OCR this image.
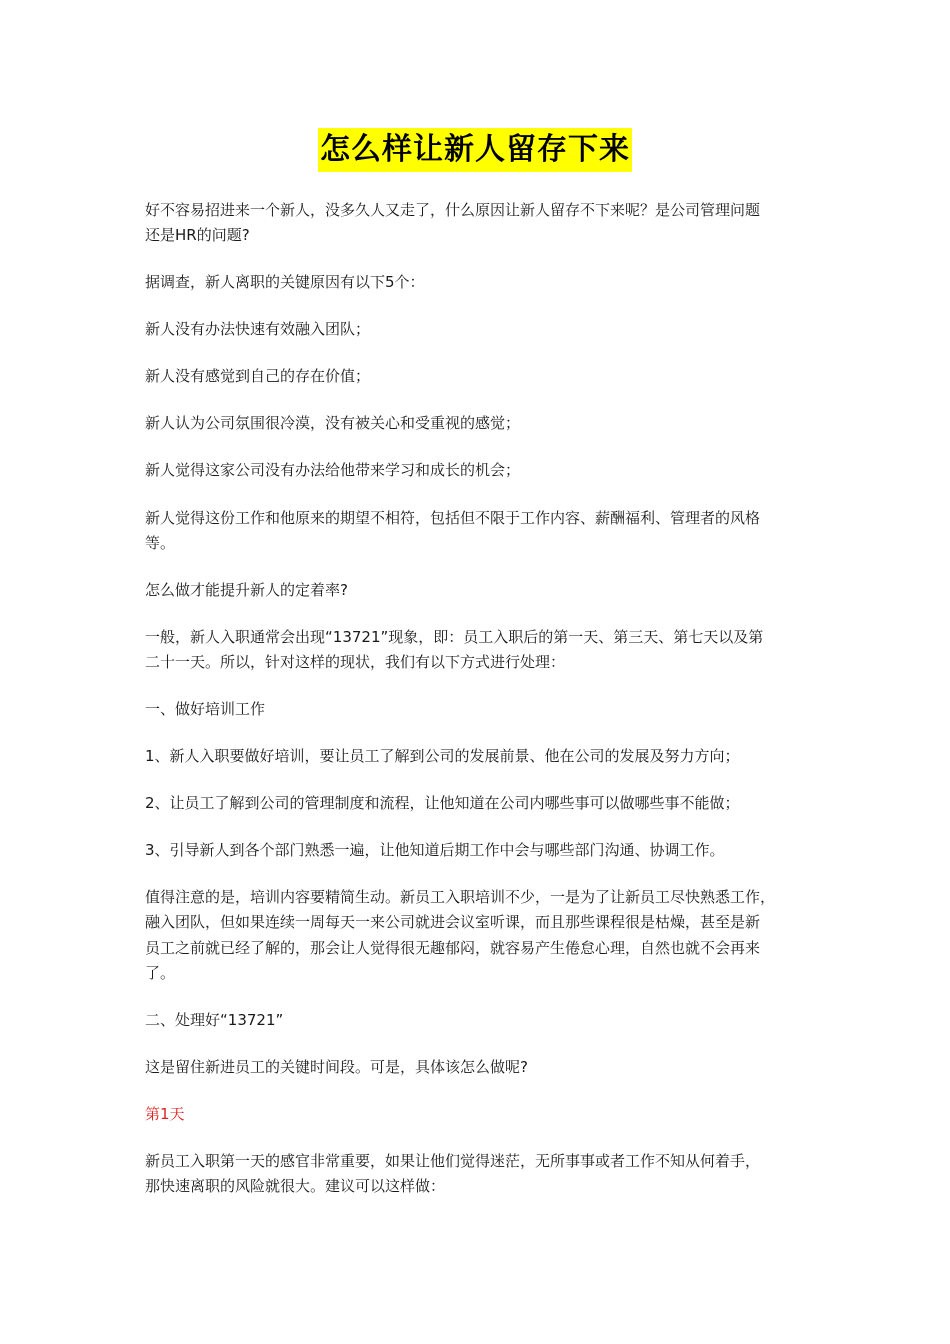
怎么样让新人留存下来

好不容易招进来一个新人，没多久人又走了，什么原因让新人留存不下来呢？是公司管理问题

还是HR的问题?

据调查，新人离职的关键原因有以下5个：

新人没有办法快速有效融入团队；

新人没有感觉到自己的存在价值；

新人认为公司氛围很冷漠，没有被关心和受重视的感觉；

新人觉得这家公司没有办法给他带来学习和成长的机会；

新人觉得这份工作和他原来的期望不相符，包括但不限于工作内容、薪酬福利、管理者的风格

等。

怎么做才能提升新人的定着率?

一般，新人入职通常会出现“13721”现象，即：员工入职后的第一天、第三天、第七天以及第

二十一天。所以，针对这样的现状，我们有以下方式进行处理：

一、做好培训工作

1、新人入职要做好培训，要让员工了解到公司的发展前景、他在公司的发展及努力方向；

2、让员工了解到公司的管理制度和流程，让他知道在公司内哪些事可以做哪些事不能做；

3、引导新人到各个部门熟悉一遍，让他知道后期工作中会与哪些部门沟通、协调工作。

值得注意的是，培训内容要精简生动。新员工入职培训不少，一是为了让新员工尽快熟悉工作，

融入团队，但如果连续一周每天一来公司就进会议室听课，而且那些课程很是枯燥，甚至是新

员工之前就已经了解的，那会让人觉得很无趣郁闷，就容易产生倦怠心理，自然也就不会再来

了。

二、处理好“13721”

这是留住新进员工的关键时间段。可是，具体该怎么做呢?

第1天

新员工入职第一天的感官非常重要，如果让他们觉得迷茫，无所事事或者工作不知从何着手，

那快速离职的风险就很大。建议可以这样做：
